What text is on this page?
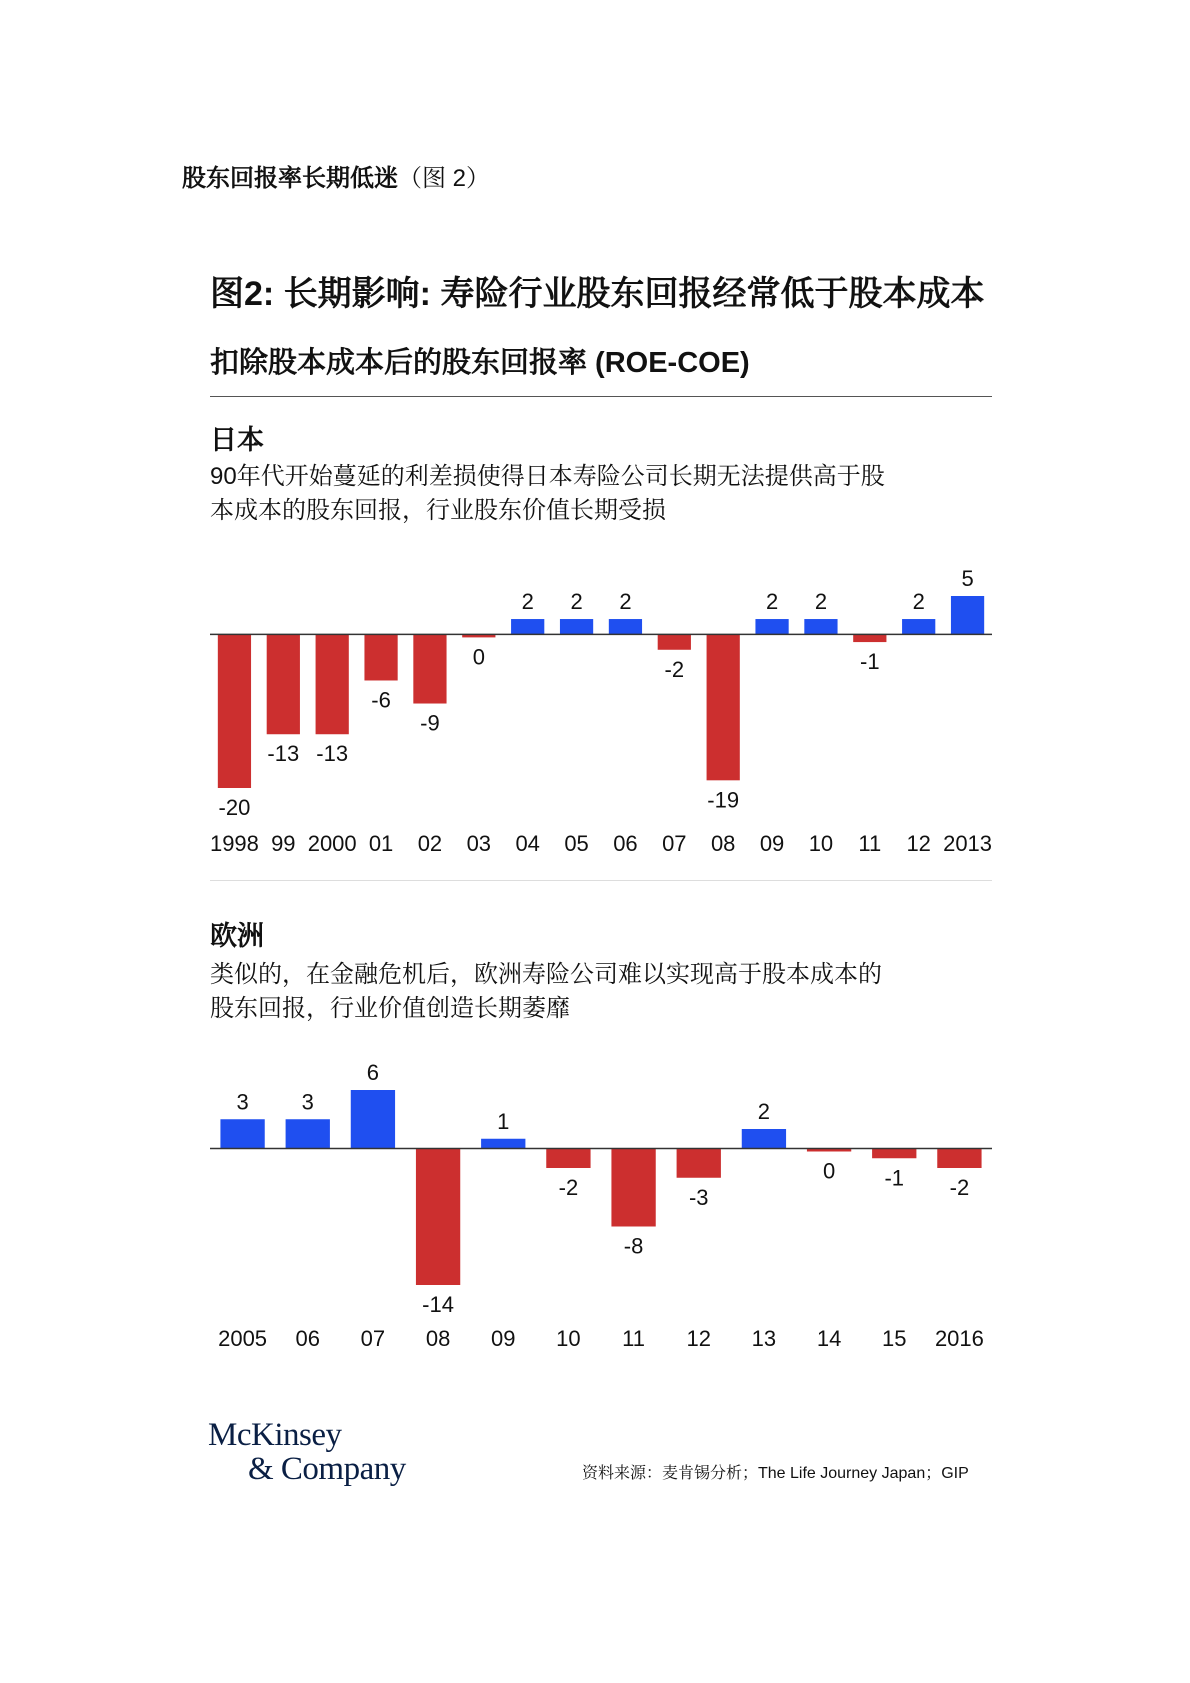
股东回报率长期低迷（图 2）
图2: 长期影响: 寿险行业股东回报经常低于股本成本
扣除股本成本后的股东回报率 (ROE-COE)
日本
90年代开始蔓延的利差损使得日本寿险公司长期无法提供高于股
本成本的股东回报，行业股东价值长期受损
-20
1998
-13
99
-13
2000
-6
01
-9
02
0
03
2
04
2
05
2
06
-2
07
-19
08
2
09
2
10
-1
11
2
12
5
2013
欧洲
类似的，在金融危机后，欧洲寿险公司难以实现高于股本成本的
股东回报，行业价值创造长期萎靡
3
2005
3
06
6
07
-14
08
1
09
-2
10
-8
11
-3
12
2
13
0
14
-1
15
-2
2016
McKinsey
& Company	资料来源：麦肯锡分析；The Life Journey Japan；GIP
